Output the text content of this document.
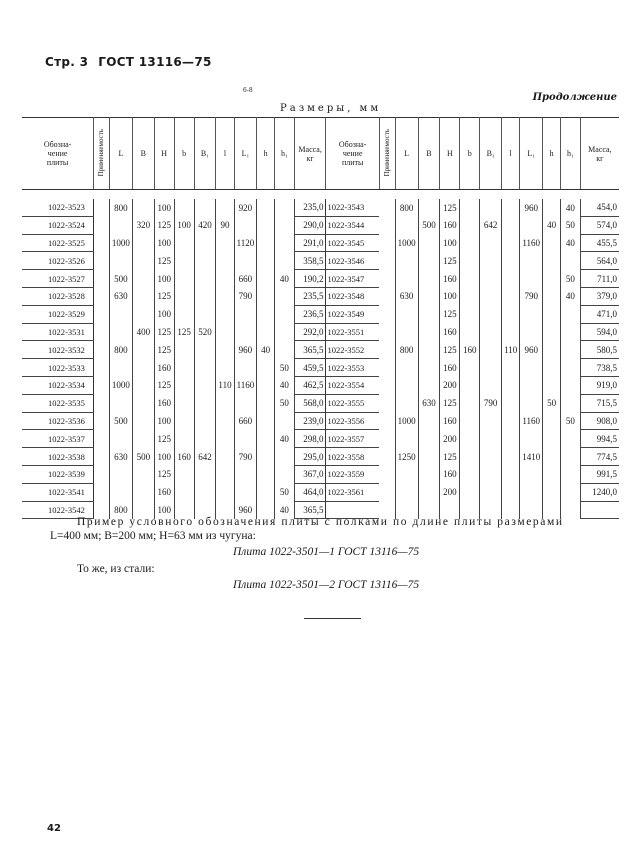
Стр. 3 ГОСТ 13116—75
6-8
Размеры, мм
Продолжение
Обозна-
чение
плиты	Применяемость	L	B	H	b	B₁	l	L₁	h	h₁	Масса,
кг	Обозна-
чение
плиты	Применяемость	L	B	H	b	B₁	l	L₁	h	h₁	Масса,
кг

1022-3523		800		100				920			235,0	1022-3543		800		125				960		40	454,0
1022-3524			320	125	100	420	90				290,0	1022-3544			500	160		642			40	50	574,0
1022-3525		1000		100				1120			291,0	1022-3545		1000		100				1160		40	455,5
1022-3526				125							358,5	1022-3546				125							564,0
1022-3527		500		100				660		40	190,2	1022-3547				160						50	711,0
1022-3528		630		125				790			235,5	1022-3548		630		100				790		40	379,0
1022-3529				100							236,5	1022-3549				125							471,0
1022-3531			400	125	125	520					292,0	1022-3551				160							594,0
1022-3532		800		125				960	40		365,5	1022-3552		800		125	160		110	960			580,5
1022-3533				160						50	459,5	1022-3553				160							738,5
1022-3534		1000		125			110	1160		40	462,5	1022-3554				200							919,0
1022-3535				160						50	568,0	1022-3555			630	125		790			50		715,5
1022-3536		500		100				660			239,0	1022-3556		1000		160				1160		50	908,0
1022-3537				125						40	298,0	1022-3557				200							994,5
1022-3538		630	500	100	160	642		790			295,0	1022-3558		1250		125				1410			774,5
1022-3539				125							367,0	1022-3559				160							991,5
1022-3541				160						50	464,0	1022-3561				200							1240,0
1022-3542		800		100				960		40	365,5												
Пример условного обозначения плиты с полками по длине плиты размерами
L=400 мм; B=200 мм; H=63 мм из чугуна:
Плита 1022-3501—1 ГОСТ 13116—75
То же, из стали:
Плита 1022-3501—2 ГОСТ 13116—75
42
